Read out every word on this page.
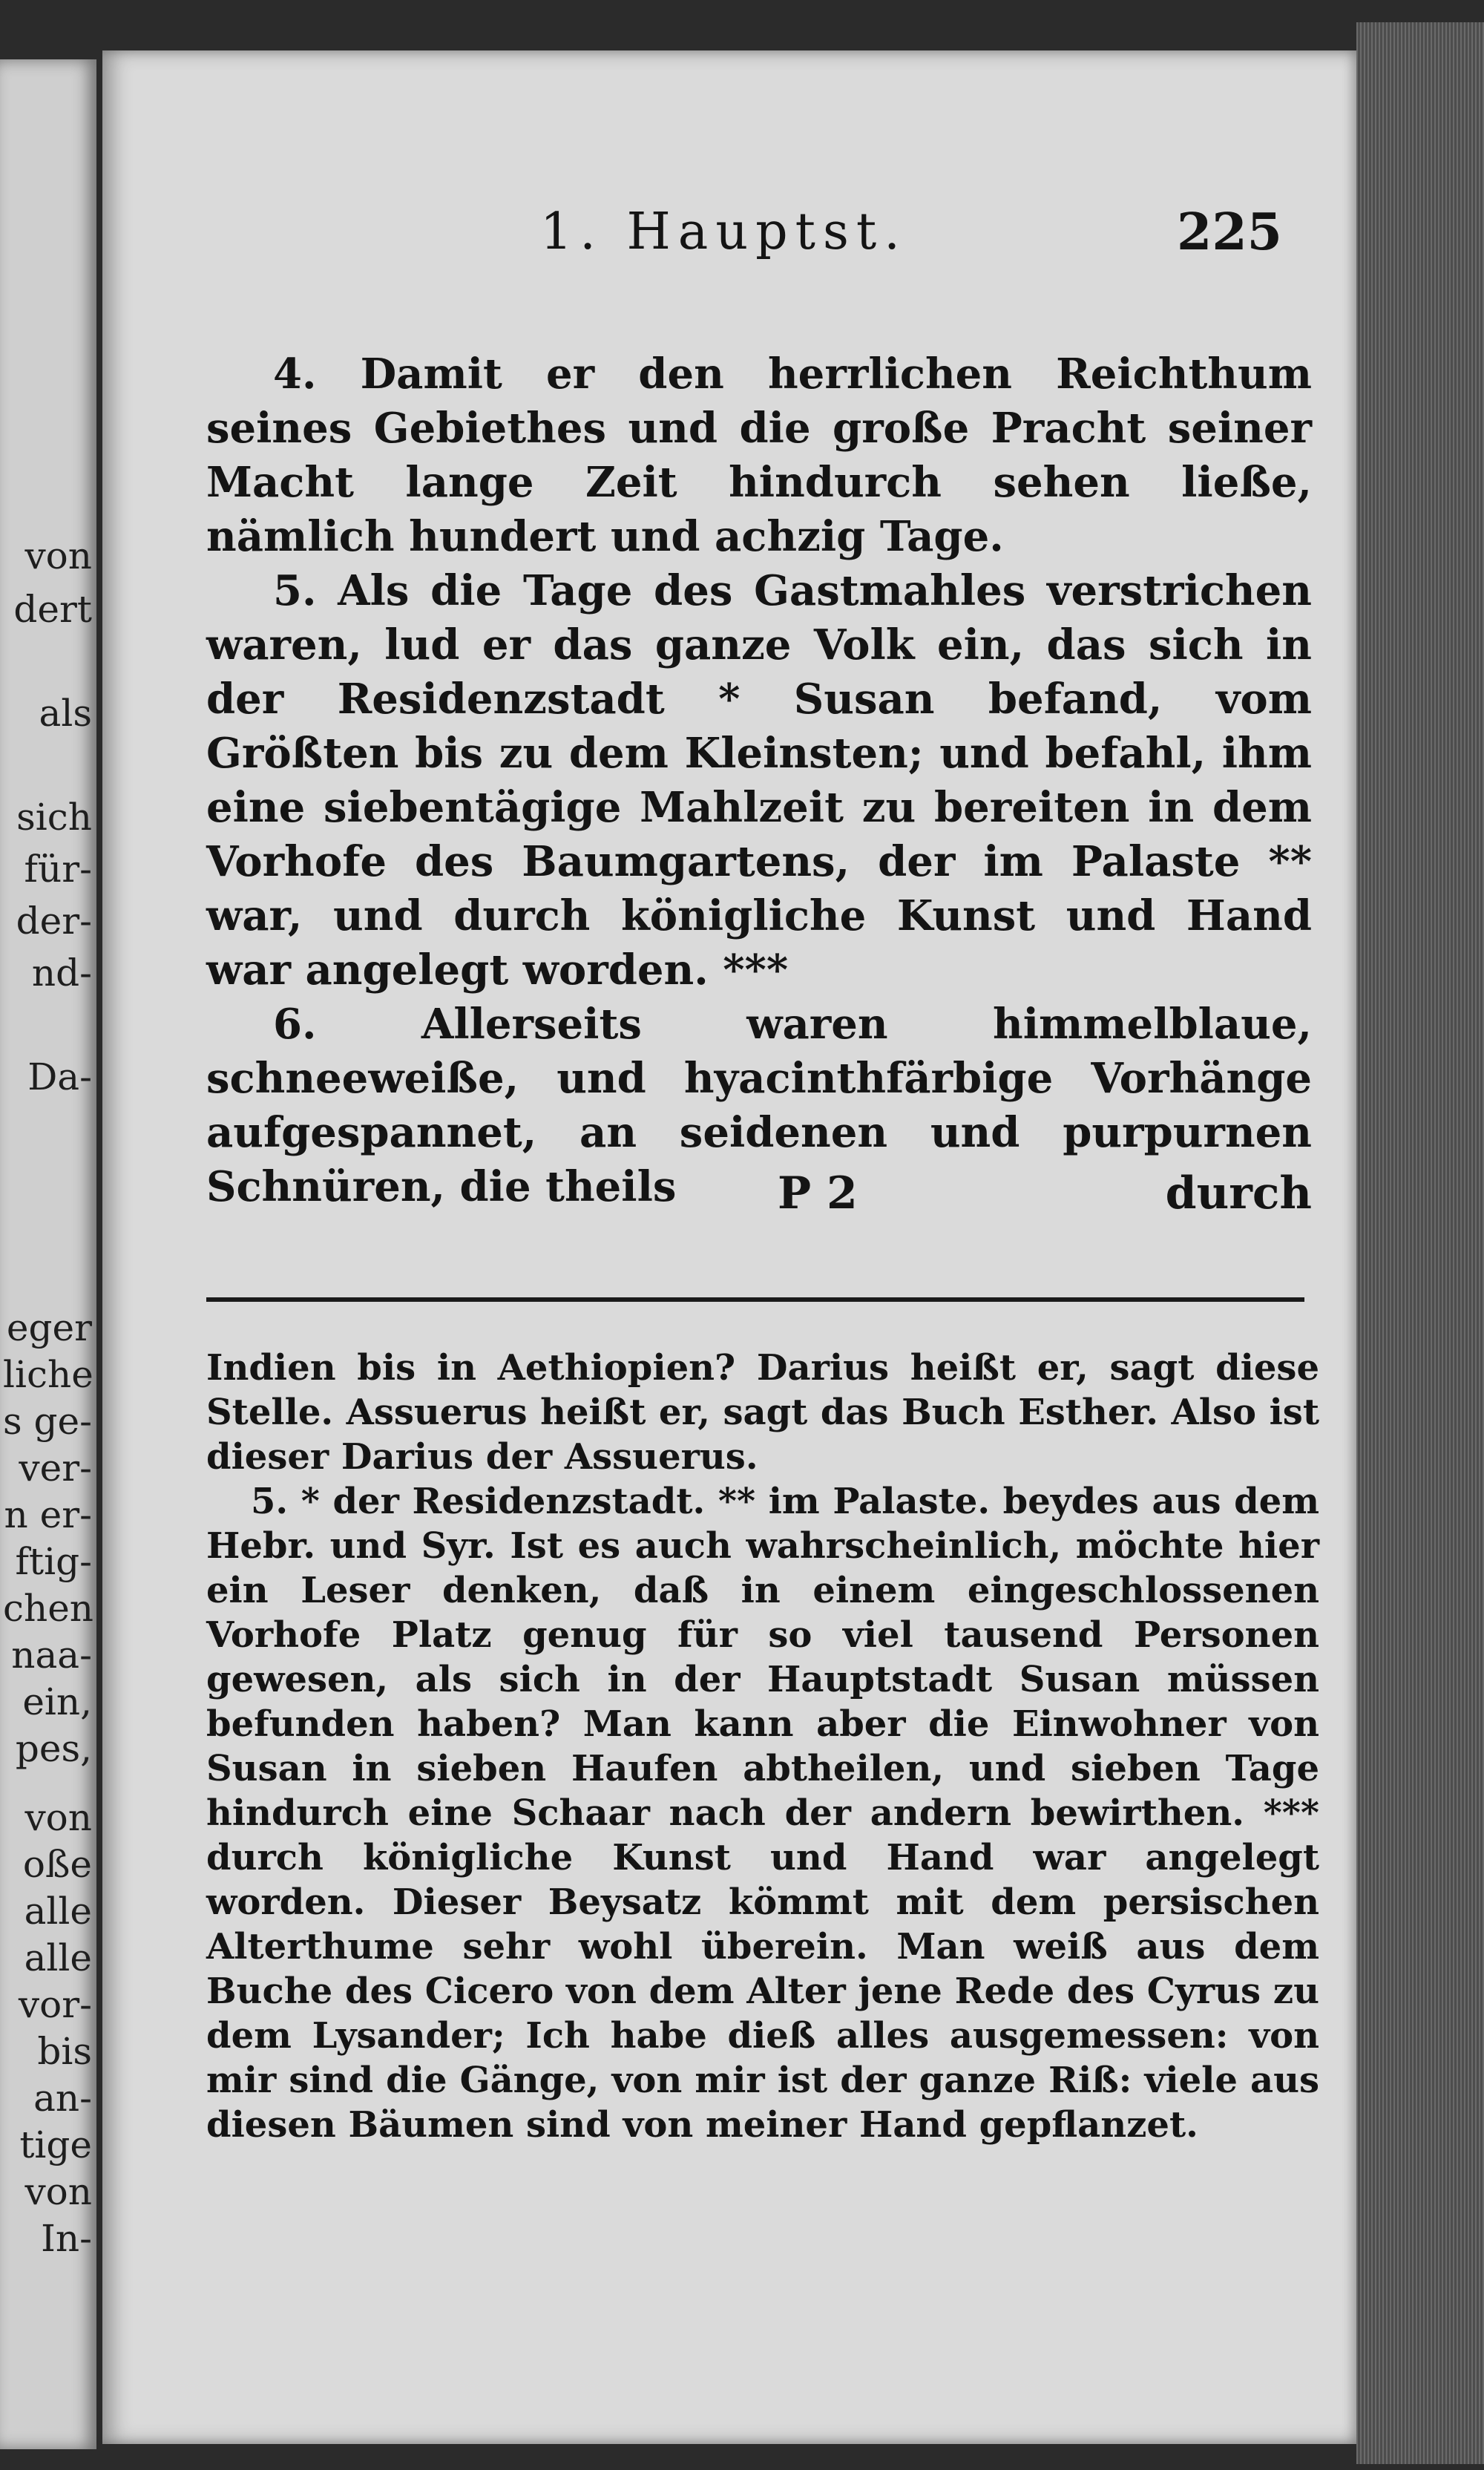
von
dert
als
sich
für-
der-
nd-
Da-
eger
liche
s ge-
ver-
n er-
ftig-
chen
naa-
ein,
pes,
von
oße
alle
alle
vor-
bis
an-
tige
von
In-
1. Hauptst.	225

4. Damit er den herrlichen Reichthum seines Gebiethes und die große Pracht seiner Macht lange Zeit hindurch sehen ließe, nämlich hundert und achzig Tage.

5. Als die Tage des Gastmahles verstrichen waren, lud er das ganze Volk ein, das sich in der Residenzstadt * Susan befand, vom Größten bis zu dem Kleinsten; und befahl, ihm eine siebentägige Mahlzeit zu bereiten in dem Vorhofe des Baumgartens, der im Palaste ** war, und durch königliche Kunst und Hand war angelegt worden. ***

6. Allerseits waren himmelblaue, schneeweiße, und hyacinthfärbige Vorhänge aufgespannet, an seidenen und purpurnen Schnüren, die theils	P 2	durch

Indien bis in Aethiopien? Darius heißt er, sagt diese Stelle. Assuerus heißt er, sagt das Buch Esther. Also ist dieser Darius der Assuerus.

5. * der Residenzstadt. ** im Palaste. beydes aus dem Hebr. und Syr. Ist es auch wahrscheinlich, möchte hier ein Leser denken, daß in einem eingeschlossenen Vorhofe Platz genug für so viel tausend Personen gewesen, als sich in der Hauptstadt Susan müssen befunden haben? Man kann aber die Einwohner von Susan in sieben Haufen abtheilen, und sieben Tage hindurch eine Schaar nach der andern bewirthen. *** durch königliche Kunst und Hand war angelegt worden. Dieser Beysatz kömmt mit dem persischen Alterthume sehr wohl überein. Man weiß aus dem Buche des Cicero von dem Alter jene Rede des Cyrus zu dem Lysander; Ich habe dieß alles ausgemessen: von mir sind die Gänge, von mir ist der ganze Riß: viele aus diesen Bäumen sind von meiner Hand gepflanzet.
